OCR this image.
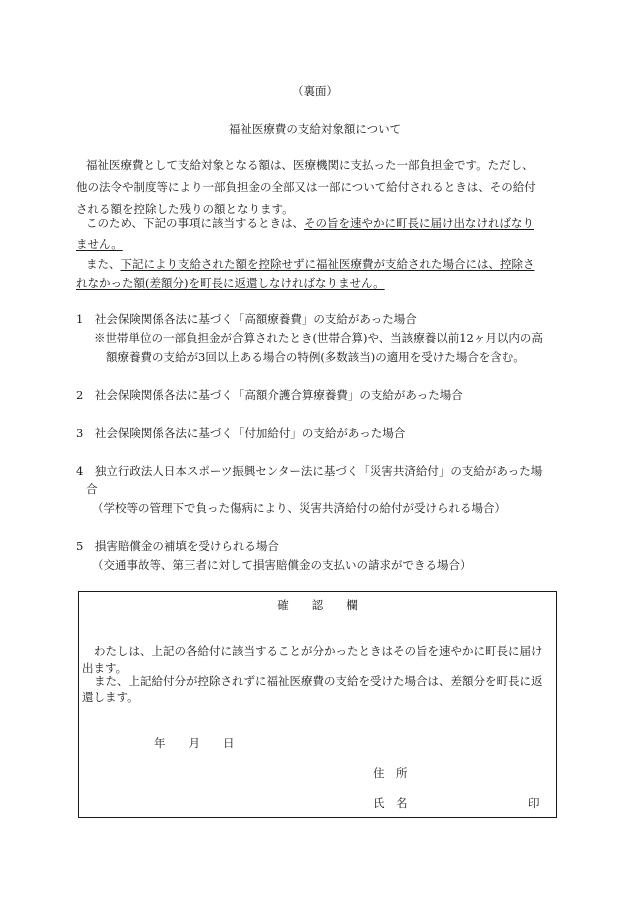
（裏面）
福祉医療費の支給対象額について
福祉医療費として支給対象となる額は、医療機関に支払った一部負担金です。ただし、
他の法令や制度等により一部負担金の全部又は一部について給付されるときは、その給付
される額を控除した残りの額となります。
このため、下記の事項に該当するときは、その旨を速やかに町長に届け出なければなり
ません。
また、下記により支給された額を控除せずに福祉医療費が支給された場合には、控除さ
れなかった額(差額分)を町長に返還しなければなりません。
1　社会保険関係各法に基づく「高額療養費」の支給があった場合
※世帯単位の一部負担金が合算されたとき(世帯合算)や、当該療養以前12ヶ月以内の高
額療養費の支給が3回以上ある場合の特例(多数該当)の適用を受けた場合を含む。
2　社会保険関係各法に基づく「高額介護合算療養費」の支給があった場合
3　社会保険関係各法に基づく「付加給付」の支給があった場合
4　独立行政法人日本スポーツ振興センター法に基づく「災害共済給付」の支給があった場
合
（学校等の管理下で負った傷病により、災害共済給付の給付が受けられる場合）
5　損害賠償金の補填を受けられる場合
（交通事故等、第三者に対して損害賠償金の支払いの請求ができる場合）
確　　認　　欄
わたしは、上記の各給付に該当することが分かったときはその旨を速やかに町長に届け
出ます。
また、上記給付分が控除されずに福祉医療費の支給を受けた場合は、差額分を町長に返
還します。
年　　月　　日
住　所
氏　名	印
